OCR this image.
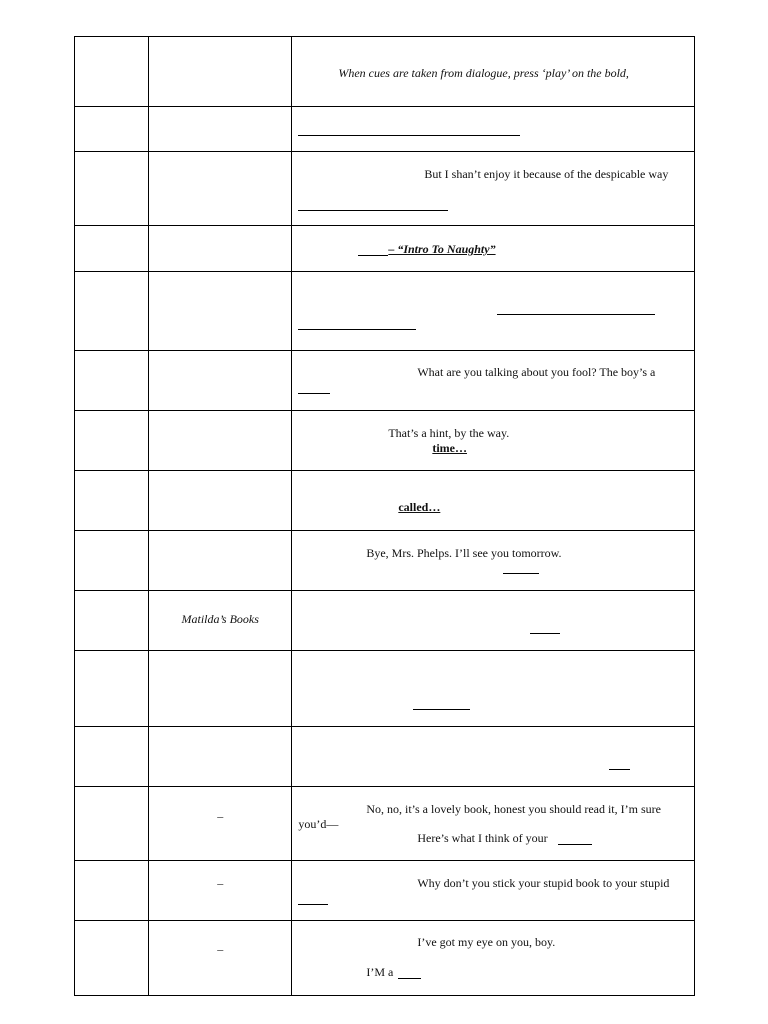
		When cues are taken from dialogue, press ‘play’ on the bold,

		But I shan’t enjoy it because of the despicable way

		– “Intro To Naughty”

		What are you talking about you fool? The boy’s a

		That’s a hint, by the way.
time…

		called…

		Bye, Mrs. Phelps. I’ll see you tomorrow.

	Matilda’s Books	

	–	No, no, it’s a lovely book, honest you should read it, I’m sure
you’d—
Here’s what I think of your

	–	Why don’t you stick your stupid book to your stupid

	–	I’ve got my eye on you, boy.
I’M a
